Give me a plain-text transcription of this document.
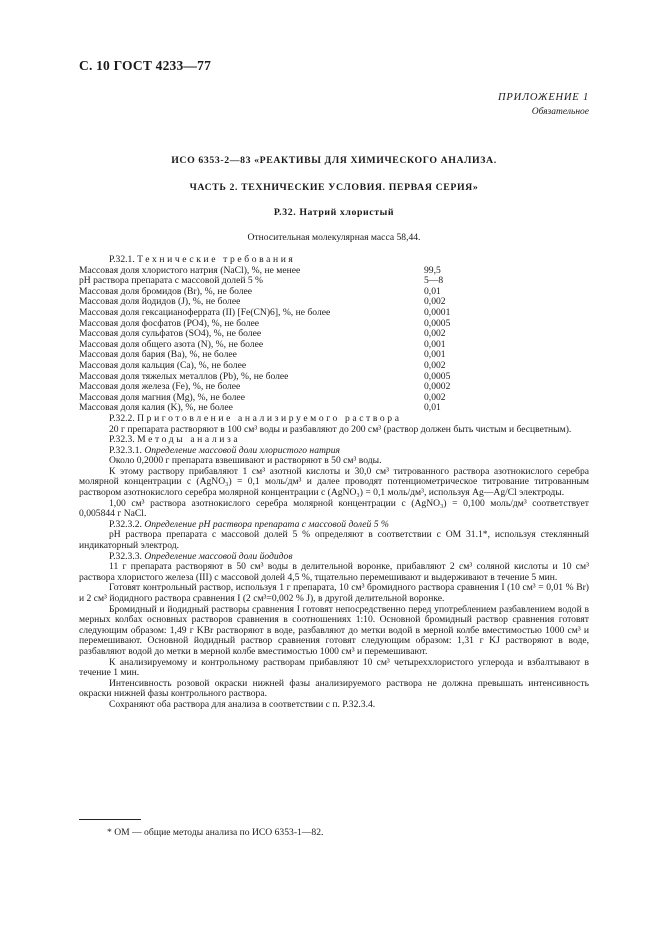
С. 10 ГОСТ 4233—77
ПРИЛОЖЕНИЕ 1
Обязательное
ИСО 6353-2—83 «РЕАКТИВЫ ДЛЯ ХИМИЧЕСКОГО АНАЛИЗА.
ЧАСТЬ 2. ТЕХНИЧЕСКИЕ УСЛОВИЯ. ПЕРВАЯ СЕРИЯ»
Р.32. Натрий хлористый
Относительная молекулярная масса 58,44.

Р.32.1. Технические требования

Массовая доля хлористого натрия (NaCl), %, не менее	99,5
pH раствора препарата с массовой долей 5 %	5—8
Массовая доля бромидов (Br), %, не более	0,01
Массовая доля йодидов (J), %, не более	0,002
Массовая доля гексацианоферрата (II) [Fe(CN)6], %, не более	0,0001
Массовая доля фосфатов (PO4), %, не более	0,0005
Массовая доля сульфатов (SO4), %, не более	0,002
Массовая доля общего азота (N), %, не более	0,001
Массовая доля бария (Ba), %, не более	0,001
Массовая доля кальция (Ca), %, не более	0,002
Массовая доля тяжелых металлов (Pb), %, не более	0,0005
Массовая доля железа (Fe), %, не более	0,0002
Массовая доля магния (Mg), %, не более	0,002
Массовая доля калия (K), %, не более	0,01

Р.32.2. Приготовление анализируемого раствора

20 г препарата растворяют в 100 см³ воды и разбавляют до 200 см³ (раствор должен быть чистым и бесцветным).

Р.32.3. Методы анализа

Р.32.3.1. Определение массовой доли хлористого натрия

Около 0,2000 г препарата взвешивают и растворяют в 50 см³ воды.

К этому раствору прибавляют 1 см³ азотной кислоты и 30,0 см³ титрованного раствора азотнокислого серебра молярной концентрации c (AgNO₃) = 0,1 моль/дм³ и далее проводят потенциометрическое титрование титрованным раствором азотнокислого серебра молярной концентрации c (AgNO₃) = 0,1 моль/дм³, используя Ag—Ag/Cl электроды.

1,00 см³ раствора азотнокислого серебра молярной концентрации c (AgNO₃) = 0,100 моль/дм³ соответствует 0,005844 г NaCl.

Р.32.3.2. Определение pH раствора препарата с массовой долей 5 %

pH раствора препарата с массовой долей 5 % определяют в соответствии с ОМ 31.1*, используя стеклянный индикаторный электрод.

Р.32.3.3. Определение массовой доли йодидов

11 г препарата растворяют в 50 см³ воды в делительной воронке, прибавляют 2 см³ соляной кислоты и 10 см³ раствора хлористого железа (III) с массовой долей 4,5 %, тщательно перемешивают и выдерживают в течение 5 мин.

Готовят контрольный раствор, используя 1 г препарата, 10 см³ бромидного раствора сравнения I (10 см³ = 0,01 % Br) и 2 см³ йодидного раствора сравнения I (2 см³=0,002 % J), в другой делительной воронке.

Бромидный и йодидный растворы сравнения I готовят непосредственно перед употреблением разбавлением водой в мерных колбах основных растворов сравнения в соотношениях 1:10. Основной бромидный раствор сравнения готовят следующим образом: 1,49 г KBr растворяют в воде, разбавляют до метки водой в мерной колбе вместимостью 1000 см³ и перемешивают. Основной йодидный раствор сравнения готовят следующим образом: 1,31 г KJ растворяют в воде, разбавляют водой до метки в мерной колбе вместимостью 1000 см³ и перемешивают.

К анализируемому и контрольному растворам прибавляют 10 см³ четыреххлористого углерода и взбалтывают в течение 1 мин.

Интенсивность розовой окраски нижней фазы анализируемого раствора не должна превышать интенсивность окраски нижней фазы контрольного раствора.

Сохраняют оба раствора для анализа в соответствии с п. Р.32.3.4.

* ОМ — общие методы анализа по ИСО 6353-1—82.
